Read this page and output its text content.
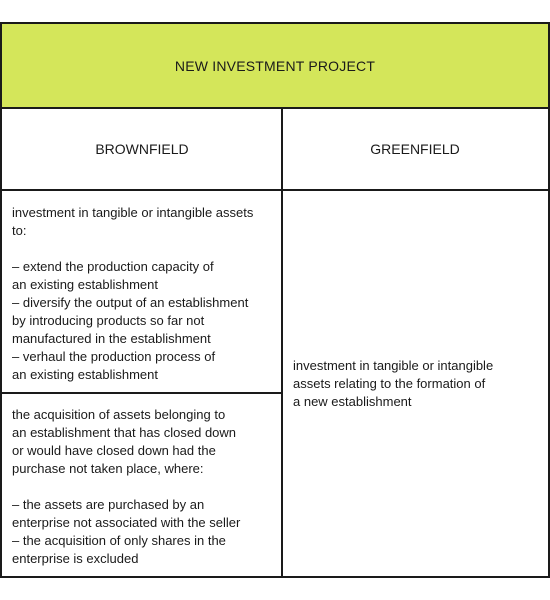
NEW INVESTMENT PROJECT
BROWNFIELD	GREENFIELD
investment in tangible or intangible assets
to:

– extend the production capacity of
an existing establishment
– diversify the output of an establishment
by introducing products so far not
manufactured in the establishment
– verhaul the production process of
an existing establishment
the acquisition of assets belonging to
an establishment that has closed down
or would have closed down had the
purchase not taken place, where:

– the assets are purchased by an
enterprise not associated with the seller
– the acquisition of only shares in the
enterprise is excluded
investment in tangible or intangible
assets relating to the formation of
a new establishment
